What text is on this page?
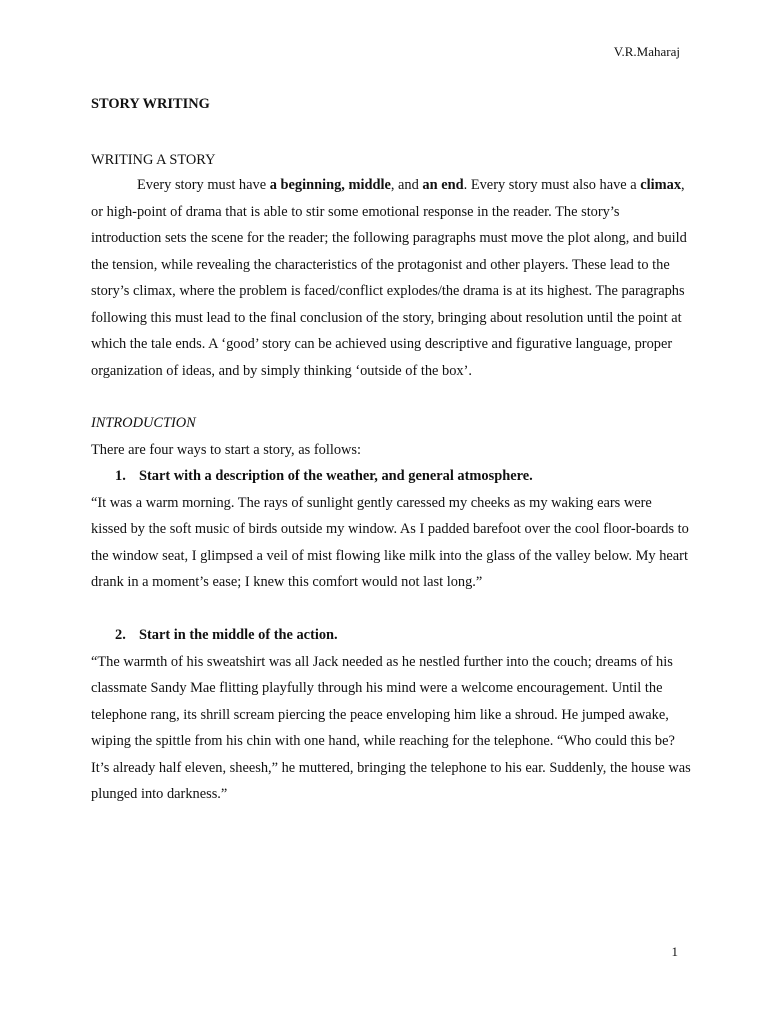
V.R.Maharaj

STORY WRITING

WRITING A STORY

Every story must have a beginning, middle, and an end. Every story must also have a climax, or high-point of drama that is able to stir some emotional response in the reader. The story’s introduction sets the scene for the reader; the following paragraphs must move the plot along, and build the tension, while revealing the characteristics of the protagonist and other players. These lead to the story’s climax, where the problem is faced/conflict explodes/the drama is at its highest. The paragraphs following this must lead to the final conclusion of the story, bringing about resolution until the point at which the tale ends. A ‘good’ story can be achieved using descriptive and figurative language, proper organization of ideas, and by simply thinking ‘outside of the box’.

INTRODUCTION

There are four ways to start a story, as follows:

1. Start with a description of the weather, and general atmosphere.

“It was a warm morning. The rays of sunlight gently caressed my cheeks as my waking ears were kissed by the soft music of birds outside my window. As I padded barefoot over the cool floor-boards to the window seat, I glimpsed a veil of mist flowing like milk into the glass of the valley below. My heart drank in a moment’s ease; I knew this comfort would not last long.”

2. Start in the middle of the action.

“The warmth of his sweatshirt was all Jack needed as he nestled further into the couch; dreams of his classmate Sandy Mae flitting playfully through his mind were a welcome encouragement. Until the telephone rang, its shrill scream piercing the peace enveloping him like a shroud. He jumped awake, wiping the spittle from his chin with one hand, while reaching for the telephone. “Who could this be? It’s already half eleven, sheesh,” he muttered, bringing the telephone to his ear. Suddenly, the house was plunged into darkness.”

1
